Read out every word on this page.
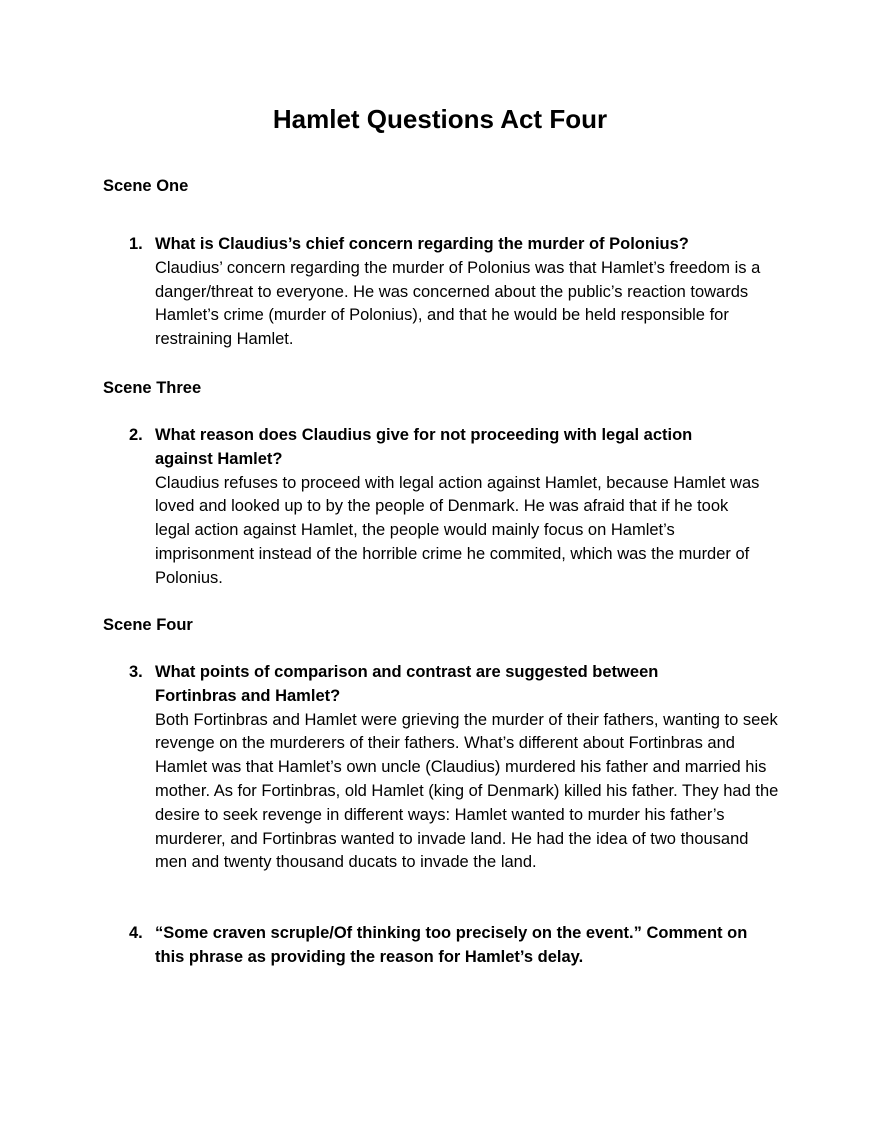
Hamlet Questions Act Four
Scene One
1. What is Claudius’s chief concern regarding the murder of Polonius?

Claudius’ concern regarding the murder of Polonius was that Hamlet’s freedom is a danger/threat to everyone. He was concerned about the public’s reaction towards Hamlet’s crime (murder of Polonius), and that he would be held responsible for restraining Hamlet.

Scene Three
2. What reason does Claudius give for not proceeding with legal action against Hamlet?

Claudius refuses to proceed with legal action against Hamlet, because Hamlet was loved and looked up to by the people of Denmark. He was afraid that if he took legal action against Hamlet, the people would mainly focus on Hamlet’s imprisonment instead of the horrible crime he commited, which was the murder of Polonius.

Scene Four
3. What points of comparison and contrast are suggested between Fortinbras and Hamlet?

Both Fortinbras and Hamlet were grieving the murder of their fathers, wanting to seek revenge on the murderers of their fathers. What’s different about Fortinbras and Hamlet was that Hamlet’s own uncle (Claudius) murdered his father and married his mother. As for Fortinbras, old Hamlet (king of Denmark) killed his father. They had the desire to seek revenge in different ways: Hamlet wanted to murder his father’s murderer, and Fortinbras wanted to invade land. He had the idea of two thousand men and twenty thousand ducats to invade the land.

4. “Some craven scruple/Of thinking too precisely on the event.” Comment on this phrase as providing the reason for Hamlet’s delay.
